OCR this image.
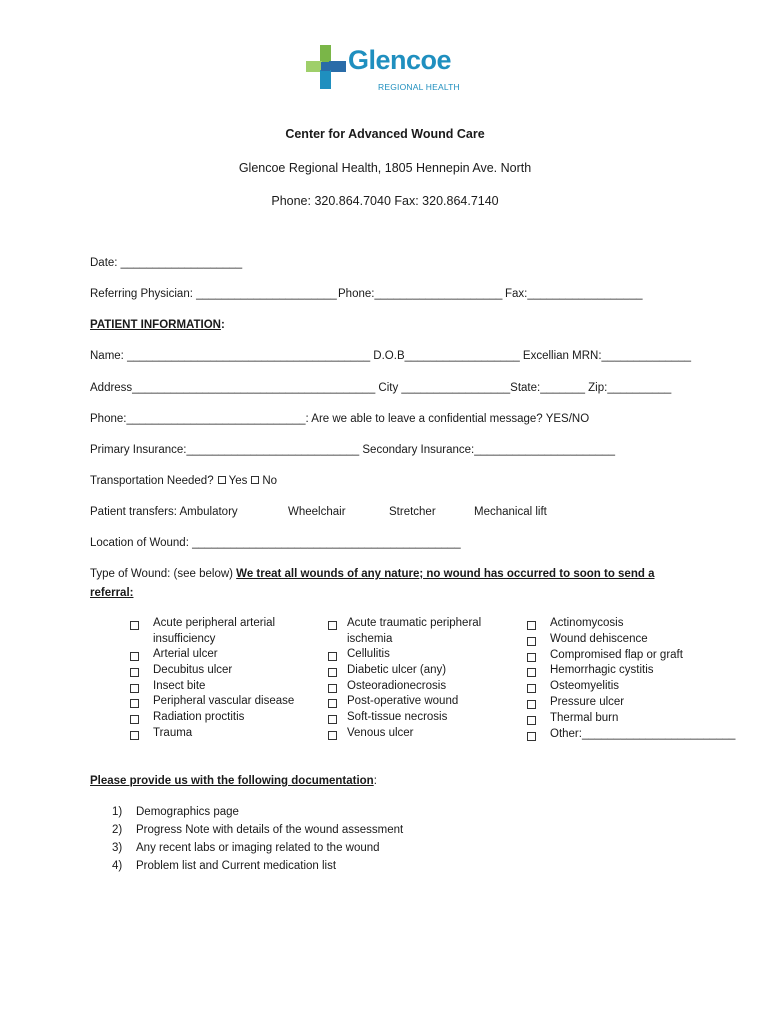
Glencoe
REGIONAL HEALTH
Center for Advanced Wound Care
Glencoe Regional Health, 1805 Hennepin Ave. North
Phone: 320.864.7040 Fax: 320.864.7140
Date: ___________________
Referring Physician: ______________________ Phone:____________________ Fax:__________________
PATIENT INFORMATION:
Name: ______________________________________ D.O.B__________________ Excellian MRN:______________
Address______________________________________ City _________________State:_______ Zip:__________
Phone:____________________________: Are we able to leave a confidential message? YES/NO
Primary Insurance:___________________________ Secondary Insurance:______________________
Transportation Needed? Yes No
Patient transfers: Ambulatory	Wheelchair	Stretcher	Mechanical lift
Location of Wound: __________________________________________
Type of Wound: (see below) We treat all wounds of any nature; no wound has occurred to soon to send a
referral:
Acute peripheral arterial
insufficiency
Arterial ulcer
Decubitus ulcer
Insect bite
Peripheral vascular disease
Radiation proctitis
Trauma
Acute traumatic peripheral
ischemia
Cellulitis
Diabetic ulcer (any)
Osteoradionecrosis
Post-operative wound
Soft-tissue necrosis
Venous ulcer
Actinomycosis
Wound dehiscence
Compromised flap or graft
Hemorrhagic cystitis
Osteomyelitis
Pressure ulcer
Thermal burn
Other:________________________
Please provide us with the following documentation:
1) Demographics page
2) Progress Note with details of the wound assessment
3) Any recent labs or imaging related to the wound
4) Problem list and Current medication list
